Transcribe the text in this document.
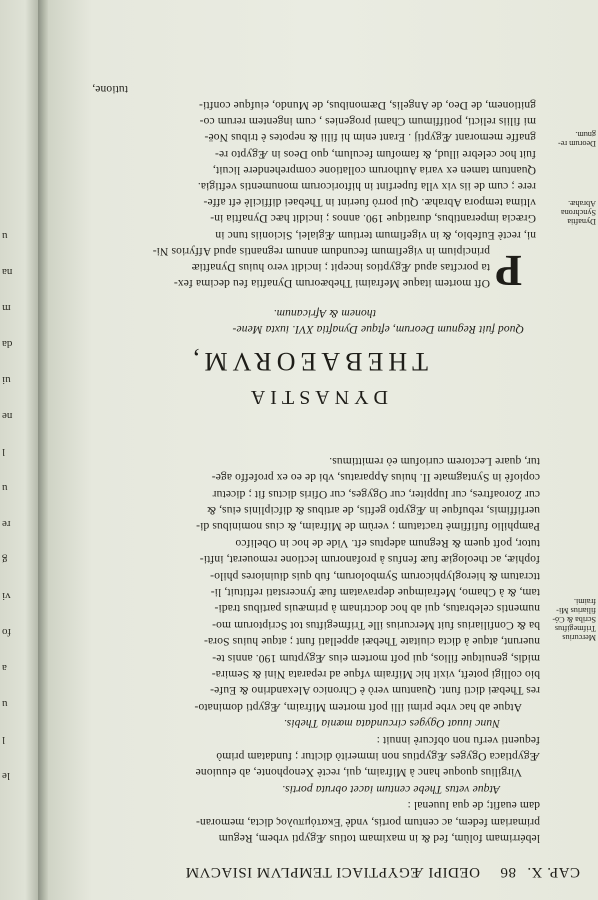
u
na
m
da
ui
ne
l
u
re
g
vi
fo
a
u
l
le
CAP. X.
86
OEDIPI ÆGYPTIACI TEMPLVM ISIACVM
Mercurius
Trifmegiftus
Scriba & Có-
filiarius Mi-
fraimi.
lebérrimam folùm, fed & in maximam totius Ægypti vrbem, Regum
primariam fedem, ac centum portis, vndè Ἑκατόμπυλος dicta, memoran-
dam euafit; de qua Iuuenal :
Atque vetus Thebe centum iacet obruta portis.
Virgilius quoque hanc à Mifraim, qui, rectè Xenophonte, ab eluuione
Ægyptiaca Ogyges Ægyptius non immeritò dicitur ; fundatam primò
fequenti verfu non obfcurè innuit :
Nunc iuuat Ogyges circundata mœnia Thebis.
Atque ab hac vrbe primi illi poft mortem Mifraim, Ægypti dominato-
res Thebæi dicti funt. Quantum verò è Chronico Alexandrino & Eufe-
bio colligi poteft, vixit hic Mifraim vfque ad reparata Nini & Semira-
midis, genuitque filios, qui poft mortem eius Ægyptum 190. annis te-
nuerunt, atque à dicta ciuitate Thebæi appellati funt ; atque huius Sora-
ba & Confiliarius fuit Mercurius ille Trifmegiftus tot Scriptorum mo-
numentis celebratus, qui ab hoc doctrinam à primæuis partibus tradi-
tam, & à Chamo, Mefraimque depravatam fuæ fyncerstati reftituit, li-
ttcratum & hieroglyphicorum Symbolorum, fub quis diuiniores philo-
fophiæ, ac theologiæ fuæ fenfus à profanorum lectione remouerat, infti-
tutor, poft quem & Regnum adeptus eft. Vide de hoc in Obelifco
Pamphilio fufiffimè tractatum ; verùm de Mifraim, & cius nominibus di-
uerfiffimis, rebufque in Ægypto geftis, de artibus & difciplinis eius, &
cur Zoroaftres, cur Iuppiter, cur Ogyges, cur Ofiris dictus fit ; dicetur
copiofè in Syntagmate II. huius Apparatus, vbi de eo ex profeffo age-
tur, quare Lectorem curiofum eò remittimus.
DYNASTIA
THEBAEORVM,
Quod fuit Regnum Deorum, eftque Dynaftia XVI. iuxta Mene-
thonem & Africanum.
P
Oft mortem itaque Mefraimi Thebæorum Dynaftia feu decima fex-
ta porcftas apud Ægyptios incepit ; incidit vero huius Dynaftiæ
principium in vigefimum fecundum annum regnantis apud Affyrios Ni-
ni, rectè Eufebio, & in vigefimum tertium Ægialei, Sicioniis tunc in
Græcia imperantibus, duratique 190. annos ; incidit hæc Dynaftia in-
vltima tempora Abrahæ. Qui porrò fuerint in Thebaei difficilè eft affe-
rere ; cum de iis vix vlla fuperfint in hiftoricorum monumentis veftigia.
Quantum tamen ex varia Authorum collatione comprehendere licuit,
fuit hoc celebre illud, & famofum feculum, quo Deos in Ægypto re-
gnaffe memorant Ægyptij . Erant enim hi filii & nepotes è tribus Noë-
mi filiis relicti, potiffimum Chami progenies , cum ingentem rerum co-
gnitionem, de Deo, de Angelis, Dæmonibus, de Mundo, eiufque confti-
tutione,
Dynaftia
Synchrona
Abrahæ.
Deorum re-
gnum.
